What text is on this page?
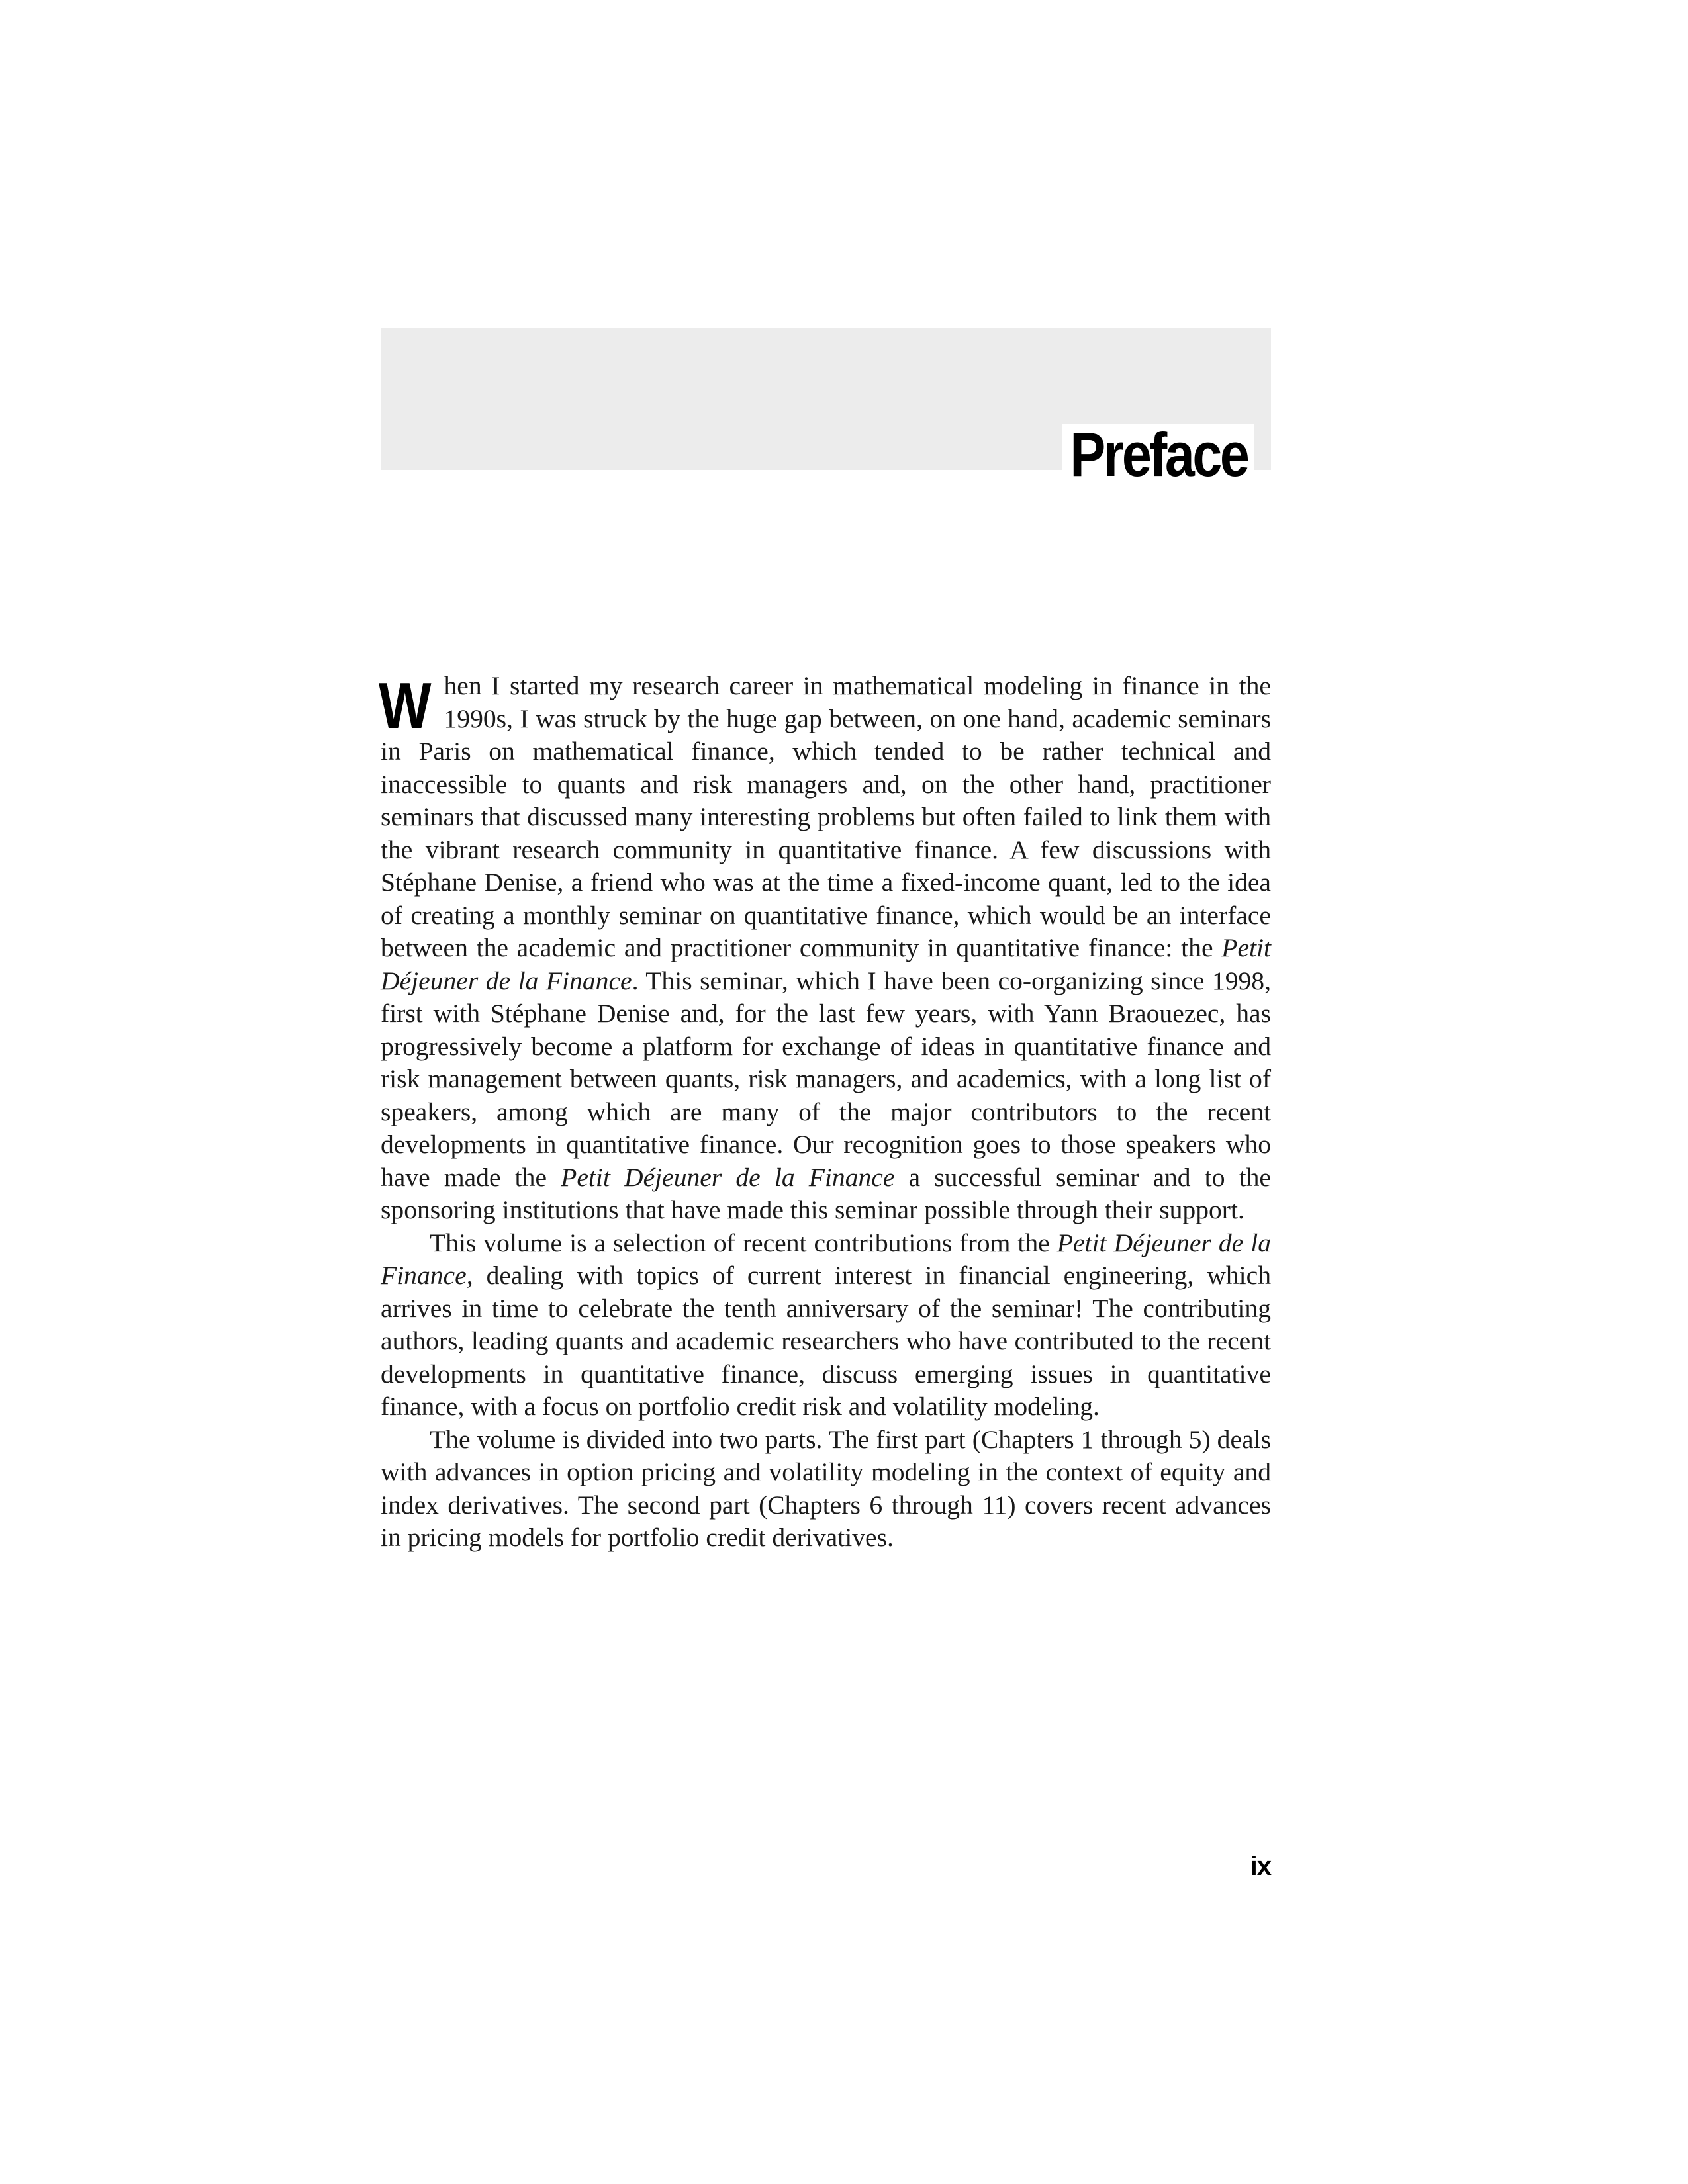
Preface

When I started my research career in mathematical modeling in finance in the 1990s, I was struck by the huge gap between, on one hand, academic seminars in Paris on mathematical finance, which tended to be rather technical and inaccessible to quants and risk managers and, on the other hand, practitioner seminars that discussed many interesting problems but often failed to link them with the vibrant research community in quantitative finance. A few discussions with Stéphane Denise, a friend who was at the time a fixed-income quant, led to the idea of creating a monthly seminar on quantitative finance, which would be an interface between the academic and practitioner community in quantitative finance: the Petit Déjeuner de la Finance. This seminar, which I have been co-organizing since 1998, first with Stéphane Denise and, for the last few years, with Yann Braouezec, has progressively become a platform for exchange of ideas in quantitative finance and risk management between quants, risk managers, and academics, with a long list of speakers, among which are many of the major contributors to the recent developments in quantitative finance. Our recognition goes to those speakers who have made the Petit Déjeuner de la Finance a successful seminar and to the sponsoring institutions that have made this seminar possible through their support.

This volume is a selection of recent contributions from the Petit Déjeuner de la Finance, dealing with topics of current interest in financial engineering, which arrives in time to celebrate the tenth anniversary of the seminar! The contributing authors, leading quants and academic researchers who have contributed to the recent developments in quantitative finance, discuss emerging issues in quantitative finance, with a focus on portfolio credit risk and volatility modeling.

The volume is divided into two parts. The first part (Chapters 1 through 5) deals with advances in option pricing and volatility modeling in the context of equity and index derivatives. The second part (Chapters 6 through 11) covers recent advances in pricing models for portfolio credit derivatives.

ix
